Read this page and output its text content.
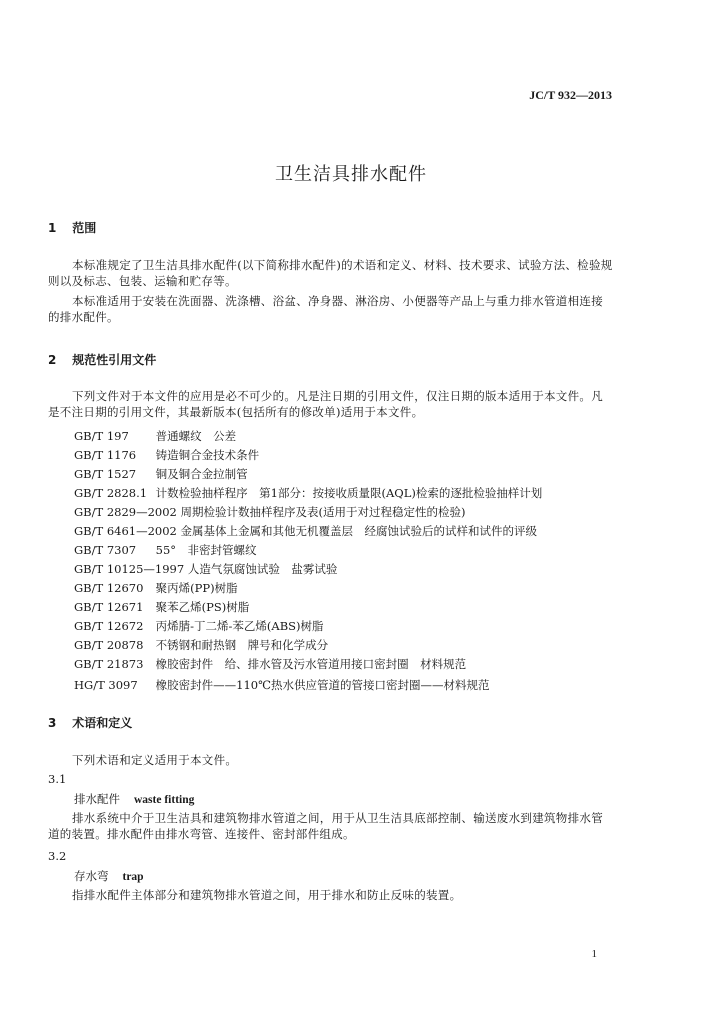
JC/T 932—2013
卫生洁具排水配件
1 范围
本标准规定了卫生洁具排水配件(以下简称排水配件)的术语和定义、材料、技术要求、试验方法、检验规则以及标志、包装、运输和贮存等。
本标准适用于安装在洗面器、洗涤槽、浴盆、净身器、淋浴房、小便器等产品上与重力排水管道相连接的排水配件。
2 规范性引用文件
下列文件对于本文件的应用是必不可少的。凡是注日期的引用文件，仅注日期的版本适用于本文件。凡是不注日期的引用文件，其最新版本(包括所有的修改单)适用于本文件。
GB/T 197 普通螺纹　公差
GB/T 1176 铸造铜合金技术条件
GB/T 1527 铜及铜合金拉制管
GB/T 2828.1 计数检验抽样程序　第1部分：按接收质量限(AQL)检索的逐批检验抽样计划
GB/T 2829—2002 周期检验计数抽样程序及表(适用于对过程稳定性的检验)
GB/T 6461—2002 金属基体上金属和其他无机覆盖层　经腐蚀试验后的试样和试件的评级
GB/T 7307 55°　非密封管螺纹
GB/T 10125—1997 人造气氛腐蚀试验　盐雾试验
GB/T 12670 聚丙烯(PP)树脂
GB/T 12671 聚苯乙烯(PS)树脂
GB/T 12672 丙烯腈-丁二烯-苯乙烯(ABS)树脂
GB/T 20878 不锈钢和耐热钢　牌号和化学成分
GB/T 21873 橡胶密封件　给、排水管及污水管道用接口密封圈　材料规范
HG/T 3097 橡胶密封件——110℃热水供应管道的管接口密封圈——材料规范
3 术语和定义
下列术语和定义适用于本文件。
3.1
排水配件 waste fitting
排水系统中介于卫生洁具和建筑物排水管道之间，用于从卫生洁具底部控制、输送废水到建筑物排水管道的装置。排水配件由排水弯管、连接件、密封部件组成。
3.2
存水弯 trap
指排水配件主体部分和建筑物排水管道之间，用于排水和防止反味的装置。
1
